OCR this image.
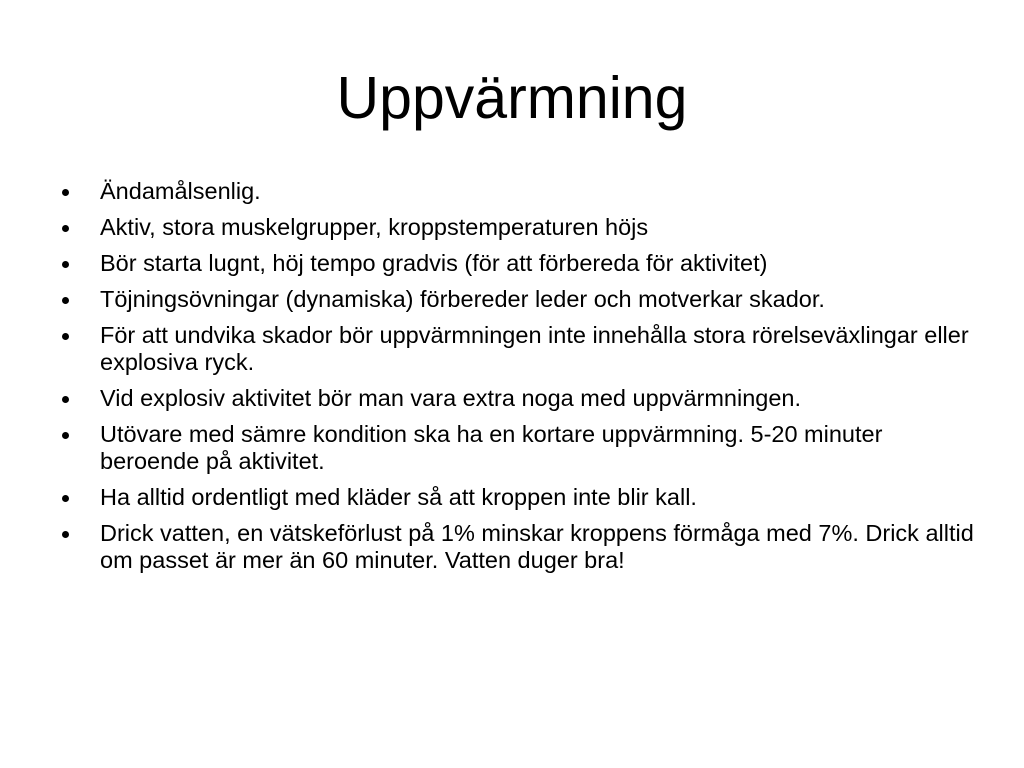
Uppvärmning
Ändamålsenlig.
Aktiv, stora muskelgrupper, kroppstemperaturen höjs
Bör starta lugnt, höj tempo gradvis (för att förbereda för aktivitet)
Töjningsövningar (dynamiska) förbereder leder och motverkar skador.
För att undvika skador bör uppvärmningen inte innehålla stora rörelseväxlingar eller explosiva ryck.
Vid explosiv aktivitet bör man vara extra noga med uppvärmningen.
Utövare med sämre kondition ska ha en kortare uppvärmning. 5-20 minuter beroende på aktivitet.
Ha alltid ordentligt med kläder så att kroppen inte blir kall.
Drick vatten, en vätskeförlust på 1% minskar kroppens förmåga med 7%. Drick alltid om passet är mer än 60 minuter. Vatten duger bra!
